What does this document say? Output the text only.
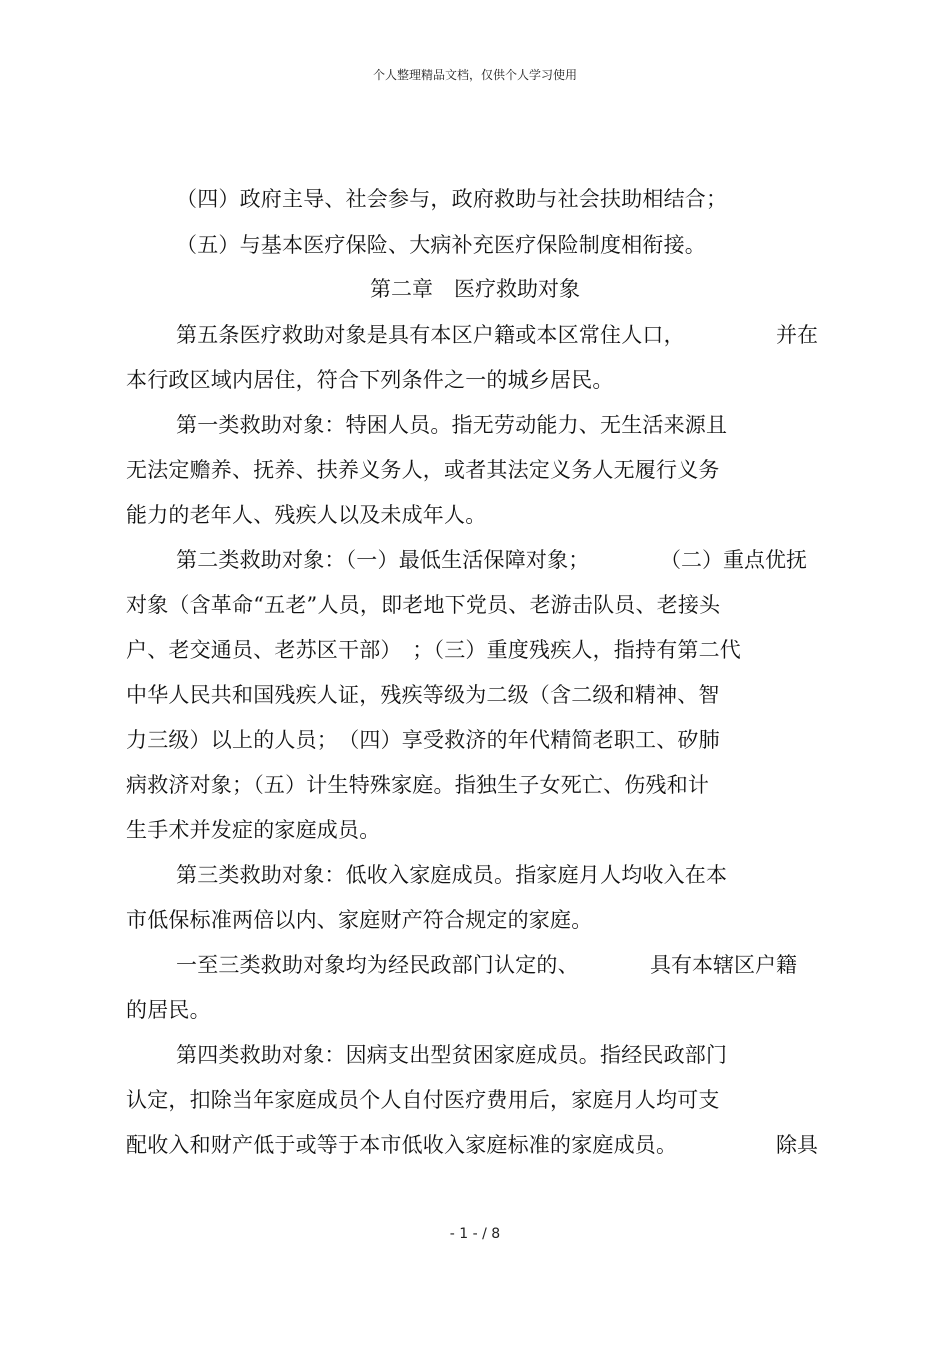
个人整理精品文档，仅供个人学习使用
（四）政府主导、社会参与，政府救助与社会扶助相结合；
（五）与基本医疗保险、大病补充医疗保险制度相衔接。
第二章　医疗救助对象
第五条医疗救助对象是具有本区户籍或本区常住人口，	并在
本行政区域内居住，符合下列条件之一的城乡居民。
第一类救助对象：特困人员。指无劳动能力、无生活来源且
无法定赡养、抚养、扶养义务人，或者其法定义务人无履行义务
能力的老年人、残疾人以及未成年人。
第二类救助对象：（一）最低生活保障对象；	（二）重点优抚
对象（含革命“五老”人员，即老地下党员、老游击队员、老接头
户、老交通员、老苏区干部）　；（三）重度残疾人，指持有第二代
中华人民共和国残疾人证，残疾等级为二级（含二级和精神、智
力三级）以上的人员；　（四）享受救济的年代精简老职工、矽肺
病救济对象；（五）计生特殊家庭。指独生子女死亡、伤残和计
生手术并发症的家庭成员。
第三类救助对象：低收入家庭成员。指家庭月人均收入在本
市低保标准两倍以内、家庭财产符合规定的家庭。
一至三类救助对象均为经民政部门认定的、	具有本辖区户籍
的居民。
第四类救助对象：因病支出型贫困家庭成员。指经民政部门
认定，扣除当年家庭成员个人自付医疗费用后，家庭月人均可支
配收入和财产低于或等于本市低收入家庭标准的家庭成员。	除具
- 1 - / 8
